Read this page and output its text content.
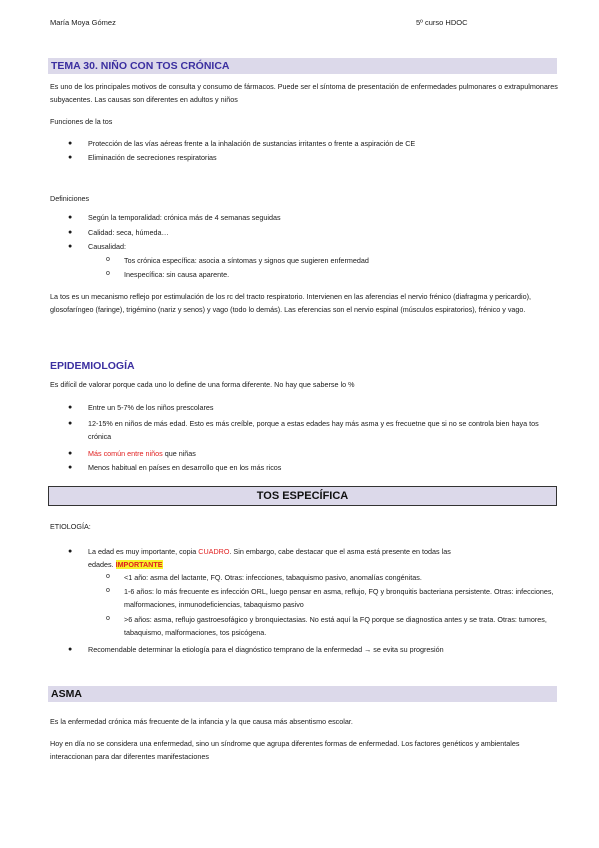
María Moya Gómez	5º curso HDOC
TEMA 30. NIÑO CON TOS CRÓNICA
Es uno de los principales motivos de consulta y consumo de fármacos. Puede ser el síntoma de presentación de enfermedades pulmonares o extrapulmonares subyacentes. Las causas son diferentes en adultos y niños
Funciones de la tos
● Protección de las vías aéreas frente a la inhalación de sustancias irritantes o frente a aspiración de CE
● Eliminación de secreciones respiratorias
Definiciones
● Según la temporalidad: crónica más de 4 semanas seguidas
● Calidad: seca, húmeda…
● Causalidad:
o Tos crónica específica: asocia a síntomas y signos que sugieren enfermedad
o Inespecífica: sin causa aparente.
La tos es un mecanismo reflejo por estimulación de los rc del tracto respiratorio. Intervienen en las aferencias el nervio frénico (diafragma y pericardio), glosofaríngeo (faringe), trigémino (nariz y senos) y vago (todo lo demás). Las eferencias son el nervio espinal (músculos espiratorios), frénico y vago.
EPIDEMIOLOGÍA
Es difícil de valorar porque cada uno lo define de una forma diferente. No hay que saberse lo %
● Entre un 5-7% de los niños prescolares
● 12-15% en niños de más edad. Esto es más creíble, porque a estas edades hay más asma y es frecuetne que si no se controla bien haya tos crónica
● Más común entre niños que niñas
● Menos habitual en países en desarrollo que en los más ricos
TOS ESPECÍFICA
ETIOLOGÍA:
● La edad es muy importante, copia CUADRO. Sin embargo, cabe destacar que el asma está presente en todas las
edades. IMPORTANTE
o <1 año: asma del lactante, FQ. Otras: infecciones, tabaquismo pasivo, anomalías congénitas.
o 1-6 años: lo más frecuente es infección ORL, luego pensar en asma, reflujo, FQ y bronquitis bacteriana persistente. Otras: infecciones, malformaciones, inmunodeficiencias, tabaquismo pasivo
o >6 años: asma, reflujo gastroesofágico y bronquiectasias. No está aquí la FQ porque se diagnostica antes y se trata. Otras: tumores, tabaquismo, malformaciones, tos psicógena.
● Recomendable determinar la etiología para el diagnóstico temprano de la enfermedad → se evita su progresión
ASMA
Es la enfermedad crónica más frecuente de la infancia y la que causa más absentismo escolar.
Hoy en día no se considera una enfermedad, sino un síndrome que agrupa diferentes formas de enfermedad. Los factores genéticos y ambientales interaccionan para dar diferentes manifestaciones
